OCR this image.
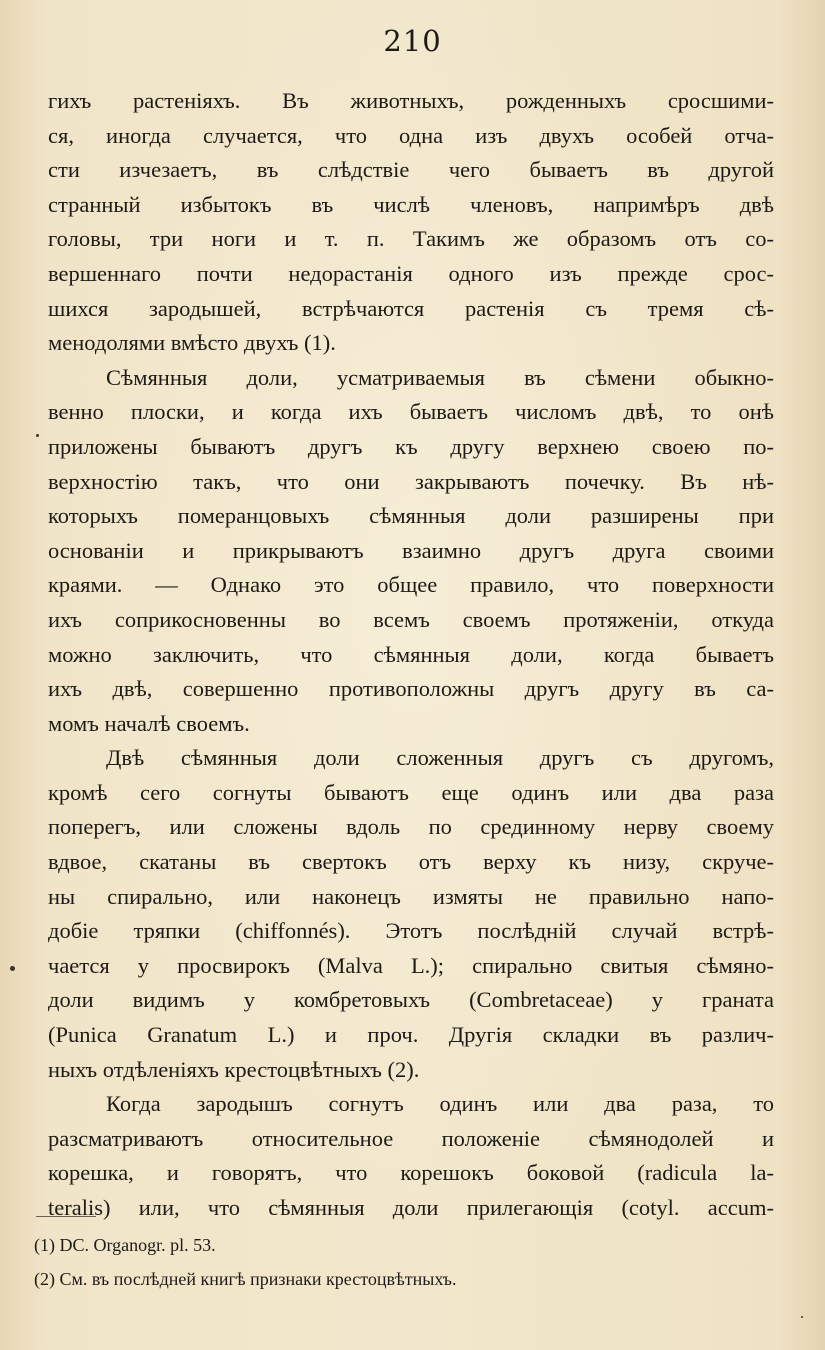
210
гихъ растеніяхъ. Въ животныхъ, рожденныхъ сросшими-
ся, иногда случается, что одна изъ двухъ особей отча-
сти изчезаетъ, въ слѣдствіе чего бываетъ въ другой
странный избытокъ въ числѣ членовъ, напримѣръ двѣ
головы, три ноги и т. п. Такимъ же образомъ отъ со-
вершеннаго почти недорастанія одного изъ прежде срос-
шихся зародышей, встрѣчаются растенія съ тремя сѣ-
менодолями вмѣсто двухъ (1).
Сѣмянныя доли, усматриваемыя въ сѣмени обыкно-
венно плоски, и когда ихъ бываетъ числомъ двѣ, то онѣ
приложены бываютъ другъ къ другу верхнею своею по-
верхностію такъ, что они закрываютъ почечку. Въ нѣ-
которыхъ померанцовыхъ сѣмянныя доли разширены при
основаніи и прикрываютъ взаимно другъ друга своими
краями. — Однако это общее правило, что поверхности
ихъ соприкосновенны во всемъ своемъ протяженіи, откуда
можно заключить, что сѣмянныя доли, когда бываетъ
ихъ двѣ, совершенно противоположны другъ другу въ са-
момъ началѣ своемъ.
Двѣ сѣмянныя доли сложенныя другъ съ другомъ,
кромѣ сего согнуты бываютъ еще одинъ или два раза
поперегъ, или сложены вдоль по срединному нерву своему
вдвое, скатаны въ свертокъ отъ верху къ низу, скруче-
ны спирально, или наконецъ измяты не правильно напо-
добіе тряпки (chiffonnés). Этотъ послѣдній случай встрѣ-
чается у просвирокъ (Malva L.); спирально свитыя сѣмяно-
доли видимъ у комбретовыхъ (Combretaceae) у граната
(Punica Granatum L.) и проч. Другія складки въ различ-
ныхъ отдѣленіяхъ крестоцвѣтныхъ (2).
Когда зародышъ согнутъ одинъ или два раза, то
разсматриваютъ относительное положеніе сѣмянодолей и
корешка, и говорятъ, что корешокъ боковой (radicula la-
teralis) или, что сѣмянныя доли прилегающія (cotyl. accum-
(1) DC. Organogr. pl. 53.
(2) См. въ послѣдней книгѣ признаки крестоцвѣтныхъ.
